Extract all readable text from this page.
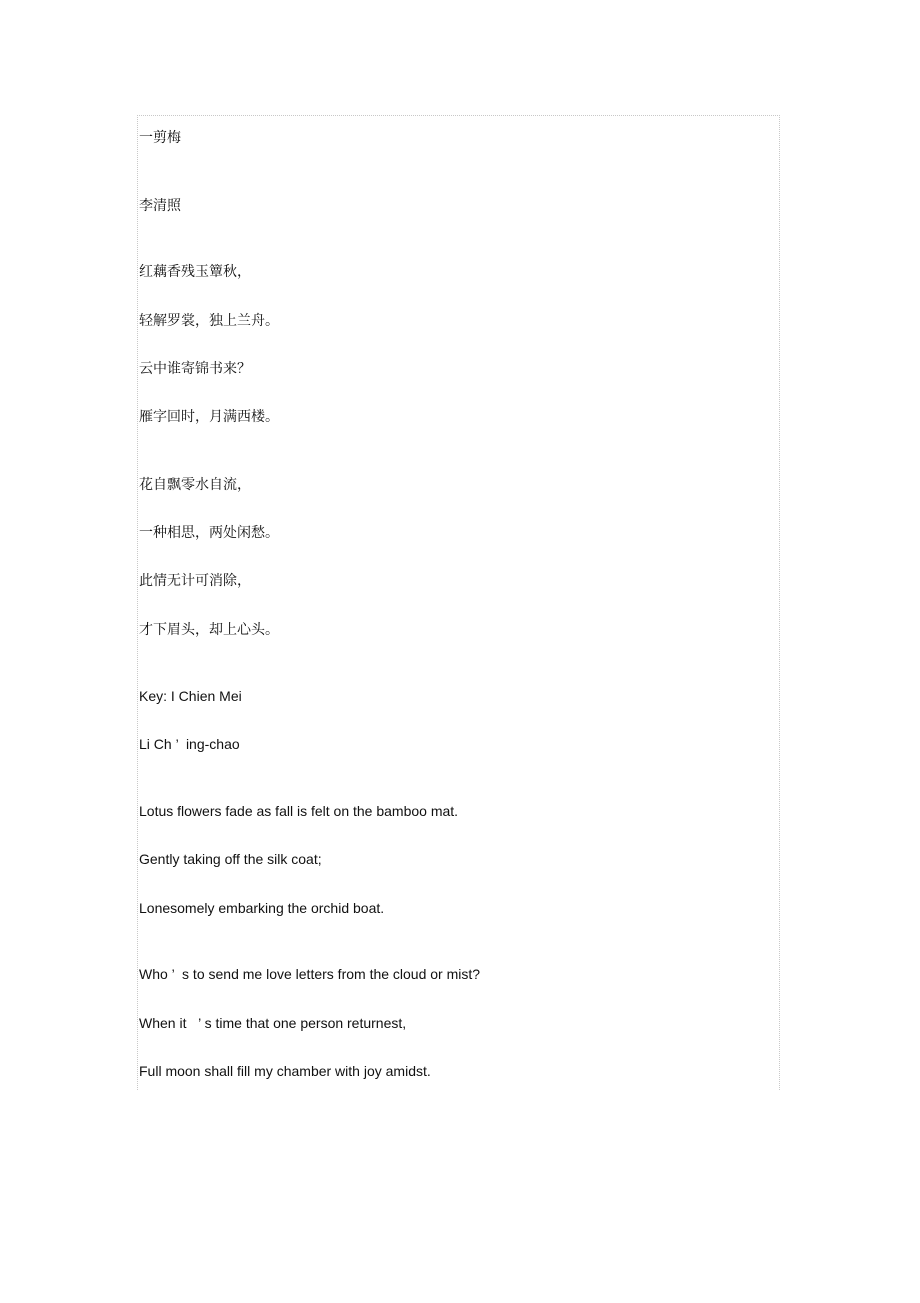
一剪梅
李清照
红藕香残玉簟秋，
轻解罗裳，独上兰舟。
云中谁寄锦书来？
雁字回时，月满西楼。
花自飘零水自流，
一种相思，两处闲愁。
此情无计可消除，
才下眉头，却上心头。
Key: I Chien Mei
Li Ch ’  ing-chao
Lotus flowers fade as fall is felt on the bamboo mat.
Gently taking off the silk coat;
Lonesomely embarking the orchid boat.
Who ’  s to send me love letters from the cloud or mist?
When it   ’ s time that one person returnest,
Full moon shall fill my chamber with joy amidst.
